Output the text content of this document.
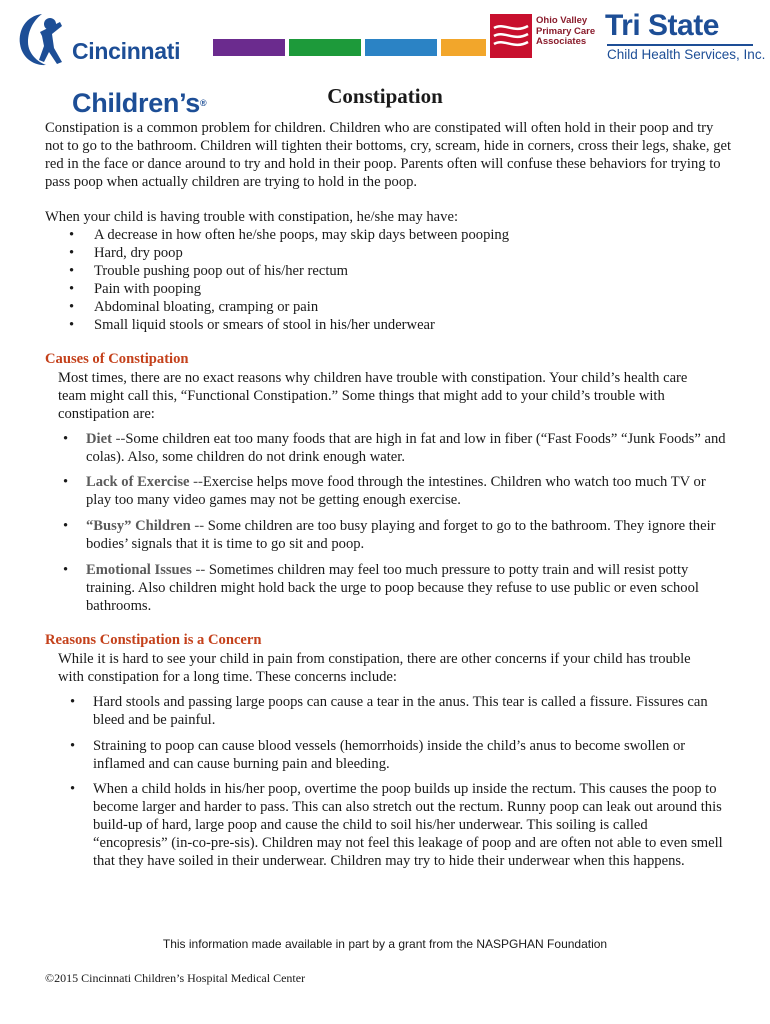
Cincinnati

Children’s®

Ohio Valley
Primary Care
Associates Tri State
Child Health Services, Inc.
Constipation

Constipation is a common problem for children. Children who are constipated will often hold in their poop and try not to go to the bathroom. Children will tighten their bottoms, cry, scream, hide in corners, cross their legs, shake, get red in the face or dance around to try and hold in their poop. Parents often will confuse these behaviors for trying to pass poop when actually children are trying to hold in the poop.

When your child is having trouble with constipation, he/she may have:

• A decrease in how often he/she poops, may skip days between pooping
• Hard, dry poop
• Trouble pushing poop out of his/her rectum
• Pain with pooping
• Abdominal bloating, cramping or pain
• Small liquid stools or smears of stool in his/her underwear
Causes of Constipation

Most times, there are no exact reasons why children have trouble with constipation. Your child’s health care team might call this, “Functional Constipation.” Some things that might add to your child’s trouble with constipation are:

• Diet --Some children eat too many foods that are high in fat and low in fiber (“Fast Foods” “Junk Foods” and colas). Also, some children do not drink enough water.
• Lack of Exercise --Exercise helps move food through the intestines. Children who watch too much TV or play too many video games may not be getting enough exercise.
• “Busy” Children -- Some children are too busy playing and forget to go to the bathroom. They ignore their bodies’ signals that it is time to go sit and poop.
• Emotional Issues -- Sometimes children may feel too much pressure to potty train and will resist potty training. Also children might hold back the urge to poop because they refuse to use public or even school bathrooms.
Reasons Constipation is a Concern

While it is hard to see your child in pain from constipation, there are other concerns if your child has trouble with constipation for a long time. These concerns include:

• Hard stools and passing large poops can cause a tear in the anus. This tear is called a fissure. Fissures can bleed and be painful.
• Straining to poop can cause blood vessels (hemorrhoids) inside the child’s anus to become swollen or inflamed and can cause burning pain and bleeding.
• When a child holds in his/her poop, overtime the poop builds up inside the rectum. This causes the poop to become larger and harder to pass. This can also stretch out the rectum. Runny poop can leak out around this build-up of hard, large poop and cause the child to soil his/her underwear. This soiling is called “encopresis” (in-co-pre-sis). Children may not feel this leakage of poop and are often not able to even smell that they have soiled in their underwear. Children may try to hide their underwear when this happens.
This information made available in part by a grant from the NASPGHAN Foundation
©2015 Cincinnati Children’s Hospital Medical Center
